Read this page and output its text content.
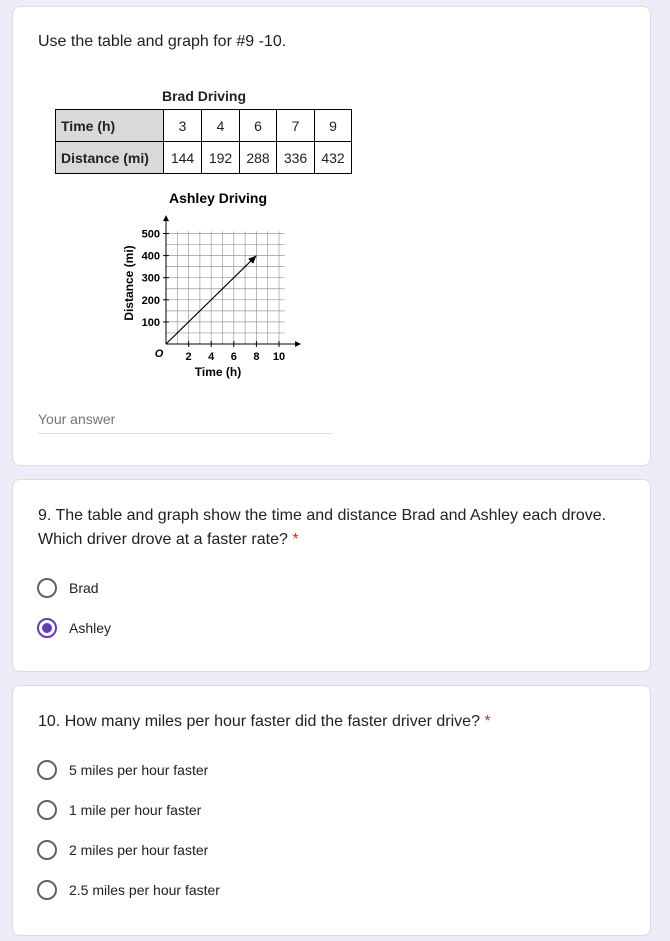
Use the table and graph for #9 -10.
Brad Driving
Time (h)	3	4	6	7	9
Distance (mi)	144	192	288	336	432
Ashley Driving
2 4 6 8 10
100
200
300
400
500
O
Time (h)
Distance (mi)
Your answer
9. The table and graph show the time and distance Brad and Ashley each drove. Which driver drove at a faster rate? *
Brad
Ashley
10. How many miles per hour faster did the faster driver drive? *
5 miles per hour faster
1 mile per hour faster
2 miles per hour faster
2.5 miles per hour faster
